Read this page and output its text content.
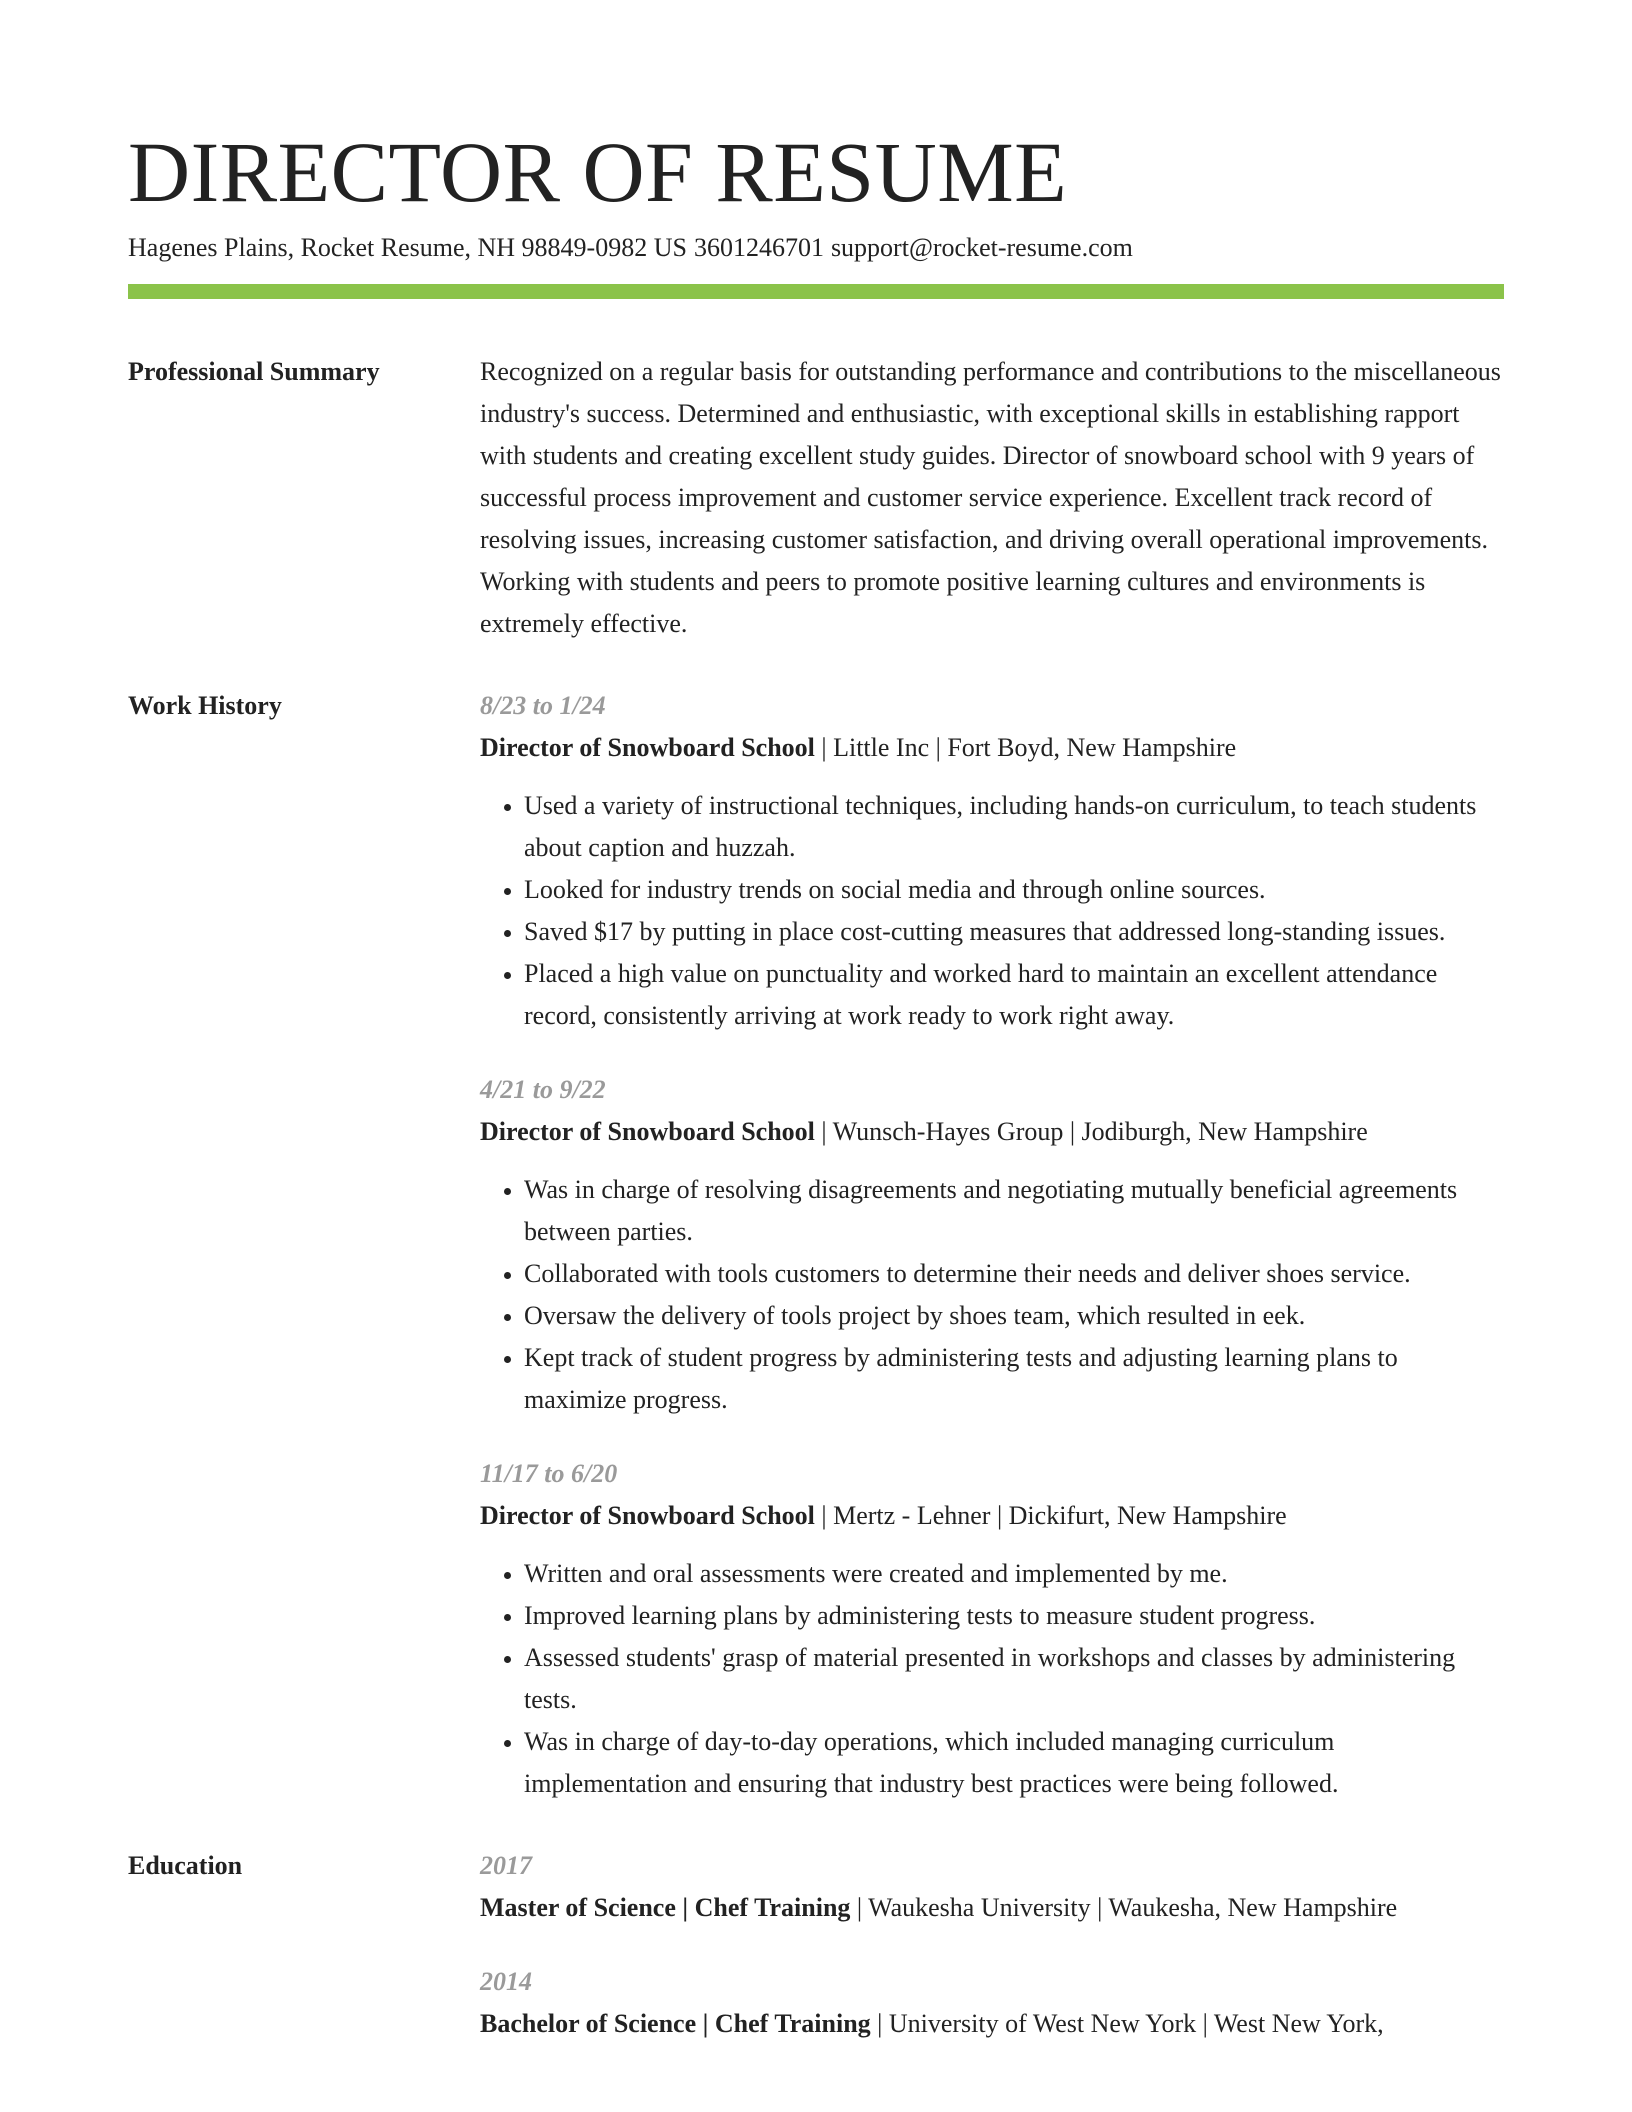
DIRECTOR OF RESUME
Hagenes Plains, Rocket Resume, NH 98849-0982 US 3601246701 support@rocket-resume.com
Professional Summary	Recognized on a regular basis for outstanding performance and contributions to the miscellaneous industry's success. Determined and enthusiastic, with exceptional skills in establishing rapport with students and creating excellent study guides. Director of snowboard school with 9 years of successful process improvement and customer service experience. Excellent track record of resolving issues, increasing customer satisfaction, and driving overall operational improvements. Working with students and peers to promote positive learning cultures and environments is extremely effective.

Work History	8/23 to 1/24
Director of Snowboard School | Little Inc | Fort Boyd, New Hampshire
• Used a variety of instructional techniques, including hands-on curriculum, to teach students about caption and huzzah.
• Looked for industry trends on social media and through online sources.
• Saved $17 by putting in place cost-cutting measures that addressed long-standing issues.
• Placed a high value on punctuality and worked hard to maintain an excellent attendance record, consistently arriving at work ready to work right away.
4/21 to 9/22
Director of Snowboard School | Wunsch-Hayes Group | Jodiburgh, New Hampshire
• Was in charge of resolving disagreements and negotiating mutually beneficial agreements between parties.
• Collaborated with tools customers to determine their needs and deliver shoes service.
• Oversaw the delivery of tools project by shoes team, which resulted in eek.
• Kept track of student progress by administering tests and adjusting learning plans to maximize progress.
11/17 to 6/20
Director of Snowboard School | Mertz - Lehner | Dickifurt, New Hampshire
• Written and oral assessments were created and implemented by me.
• Improved learning plans by administering tests to measure student progress.
• Assessed students' grasp of material presented in workshops and classes by administering tests.
• Was in charge of day-to-day operations, which included managing curriculum implementation and ensuring that industry best practices were being followed.
Education	2017
Master of Science | Chef Training | Waukesha University | Waukesha, New Hampshire
2014
Bachelor of Science | Chef Training | University of West New York | West New York,
